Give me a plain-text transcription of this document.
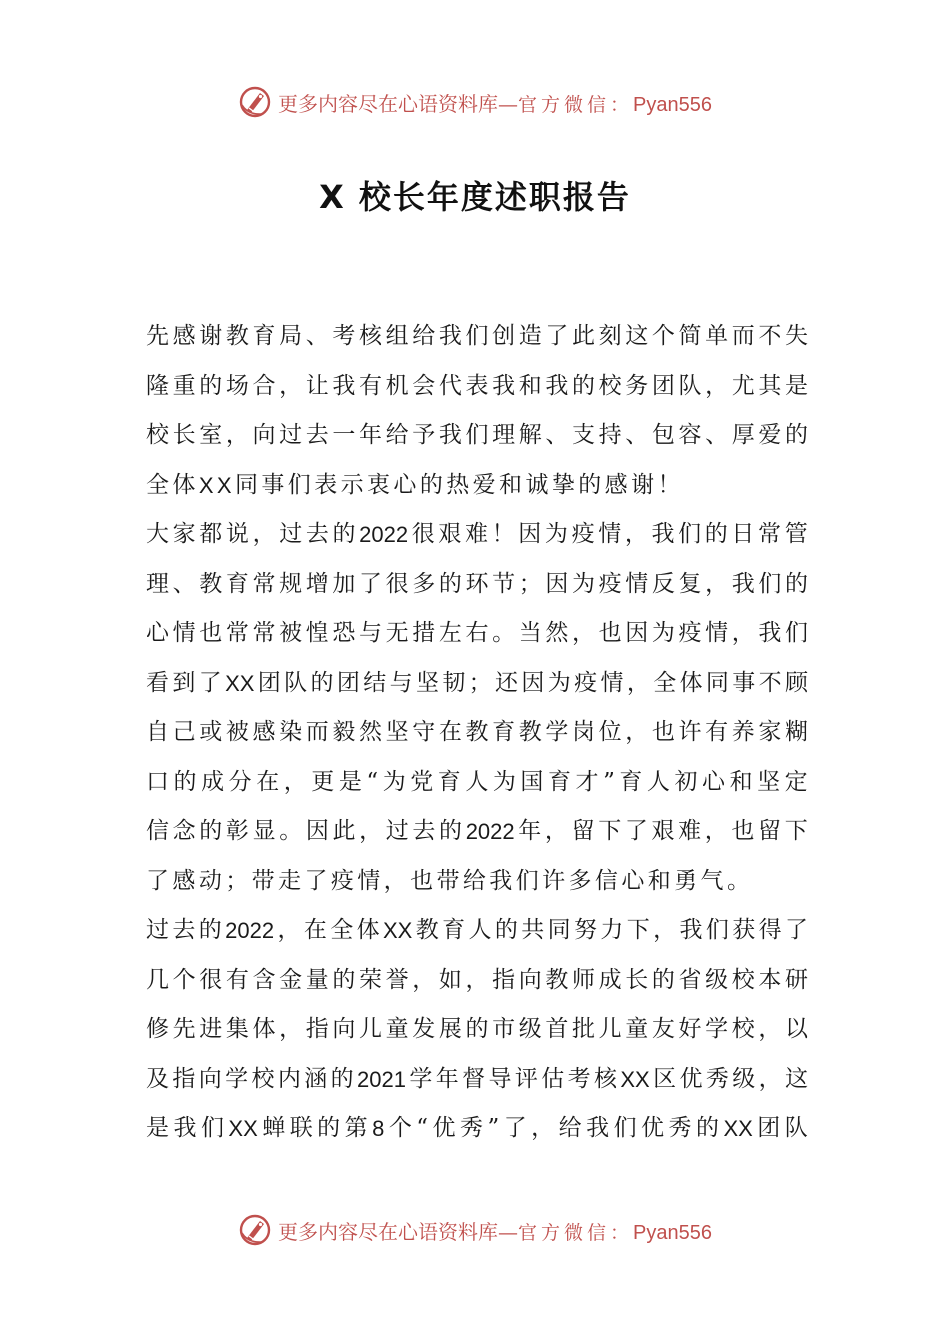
更多内容尽在心语资料库 — 官方微信： Pyan556
X 校长年度述职报告
先 感 谢 教 育 局 、 考 核 组 给 我 们 创 造 了 此 刻 这 个 简 单 而 不 失
隆 重 的 场 合 ， 让 我 有 机 会 代 表 我 和 我 的 校 务 团 队 ， 尤 其 是
校 长 室 ， 向 过 去 一 年 给 予 我 们 理 解 、 支 持 、 包 容 、 厚 爱 的
全 体 XX 同 事 们 表 示 衷 心 的 热 爱 和 诚 挚 的 感 谢 ！
大 家 都 说 ， 过 去 的 2022 很 艰 难 ！ 因 为 疫 情 ， 我 们 的 日 常 管
理 、 教 育 常 规 增 加 了 很 多 的 环 节 ； 因 为 疫 情 反 复 ， 我 们 的
心 情 也 常 常 被 惶 恐 与 无 措 左 右 。 当 然 ， 也 因 为 疫 情 ， 我 们
看 到 了 XX 团 队 的 团 结 与 坚 韧 ； 还 因 为 疫 情 ， 全 体 同 事 不 顾
自 己 或 被 感 染 而 毅 然 坚 守 在 教 育 教 学 岗 位 ， 也 许 有 养 家 糊
口 的 成 分 在 ， 更 是 “ 为 党 育 人 为 国 育 才 ” 育 人 初 心 和 坚 定
信 念 的 彰 显 。 因 此 ， 过 去 的 2022 年 ， 留 下 了 艰 难 ， 也 留 下
了 感 动 ； 带 走 了 疫 情 ， 也 带 给 我 们 许 多 信 心 和 勇 气 。
过 去 的 2022 ， 在 全 体 XX 教 育 人 的 共 同 努 力 下 ， 我 们 获 得 了
几 个 很 有 含 金 量 的 荣 誉 ， 如 ， 指 向 教 师 成 长 的 省 级 校 本 研
修 先 进 集 体 ， 指 向 儿 童 发 展 的 市 级 首 批 儿 童 友 好 学 校 ， 以
及 指 向 学 校 内 涵 的 2021 学 年 督 导 评 估 考 核 XX 区 优 秀 级 ， 这
是 我 们 XX 蝉 联 的 第 8 个 “ 优 秀 ” 了 ， 给 我 们 优 秀 的 XX 团 队
更多内容尽在心语资料库 — 官方微信： Pyan556
